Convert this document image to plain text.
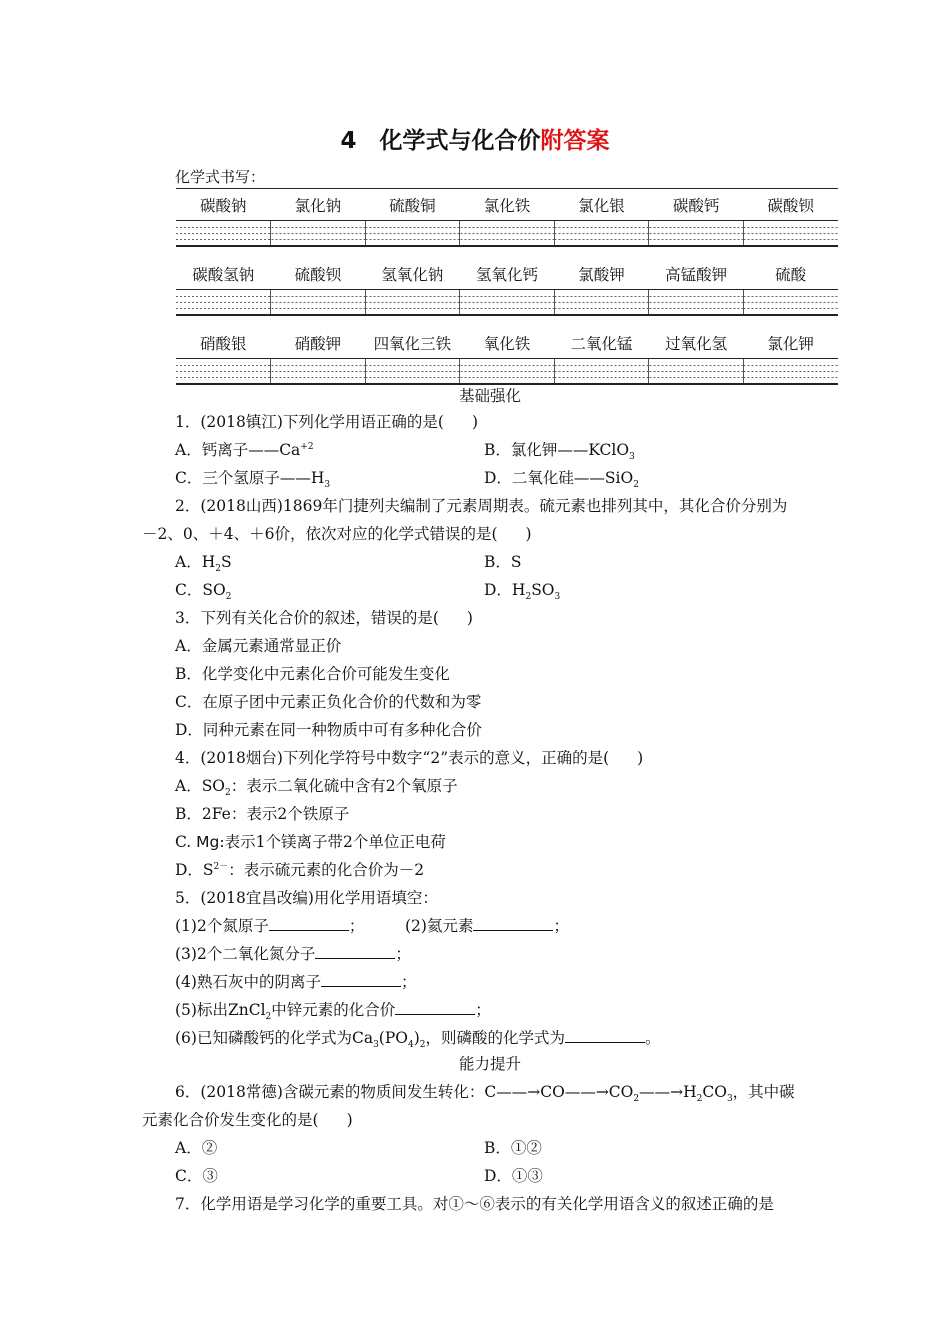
4　化学式与化合价附答案
化学式书写：
碳酸钠	氯化钠	硫酸铜	氯化铁	氯化银	碳酸钙	碳酸钡

碳酸氢钠	硫酸钡	氢氧化钠	氢氧化钙	氯酸钾	高锰酸钾	硫酸

硝酸银	硝酸钾	四氧化三铁	氧化铁	二氧化锰	过氧化氢	氯化钾

基础强化
1．(2018镇江)下列化学用语正确的是( )
A．钙离子$——Ca^{+2}$	B．氯化钾——KClO$_3$
C．三个氢原子$——H_3$	D．二氧化硅——SiO$_2$
2．(2018山西)1869年门捷列夫编制了元素周期表。硫元素也排列其中，其化合价分别为
－2、0、＋4、＋6价，依次对应的化学式错误的是( )
A．$H_2S$	B．S
C．$SO_2$	D．$H_2SO_3$
3．下列有关化合价的叙述，错误的是( )
A．金属元素通常显正价
B．化学变化中元素化合价可能发生变化
C．在原子团中元素正负化合价的代数和为零
D．同种元素在同一种物质中可有多种化合价
4．(2018烟台)下列化学符号中数字“2”表示的意义，正确的是( )
A．$SO_2$：表示二氧化硫中含有2个氧原子
B．2Fe：表示2个铁原子
C. Mg:表示1个镁离子带2个单位正电荷
D．$S^{2-}$：表示硫元素的化合价为－2
5．(2018宜昌改编)用化学用语填空：
(1)2个氮原子	；	(2)氦元素	；
(3)2个二氧化氮分子	；
(4)熟石灰中的阴离子	；
(5)标出ZnCl$_2$中锌元素的化合价	；
(6)已知磷酸钙的化学式为$Ca_3(PO_4)_2$，则磷酸的化学式为	。
能力提升
6．(2018常德)含碳元素的物质间发生转化：$C——\to CO——\to CO_2——\to H_2CO_3$，其中碳
元素化合价发生变化的是( )
A．②	B．①②
C．③	D．①③
7．化学用语是学习化学的重要工具。对①～⑥表示的有关化学用语含义的叙述正确的是
